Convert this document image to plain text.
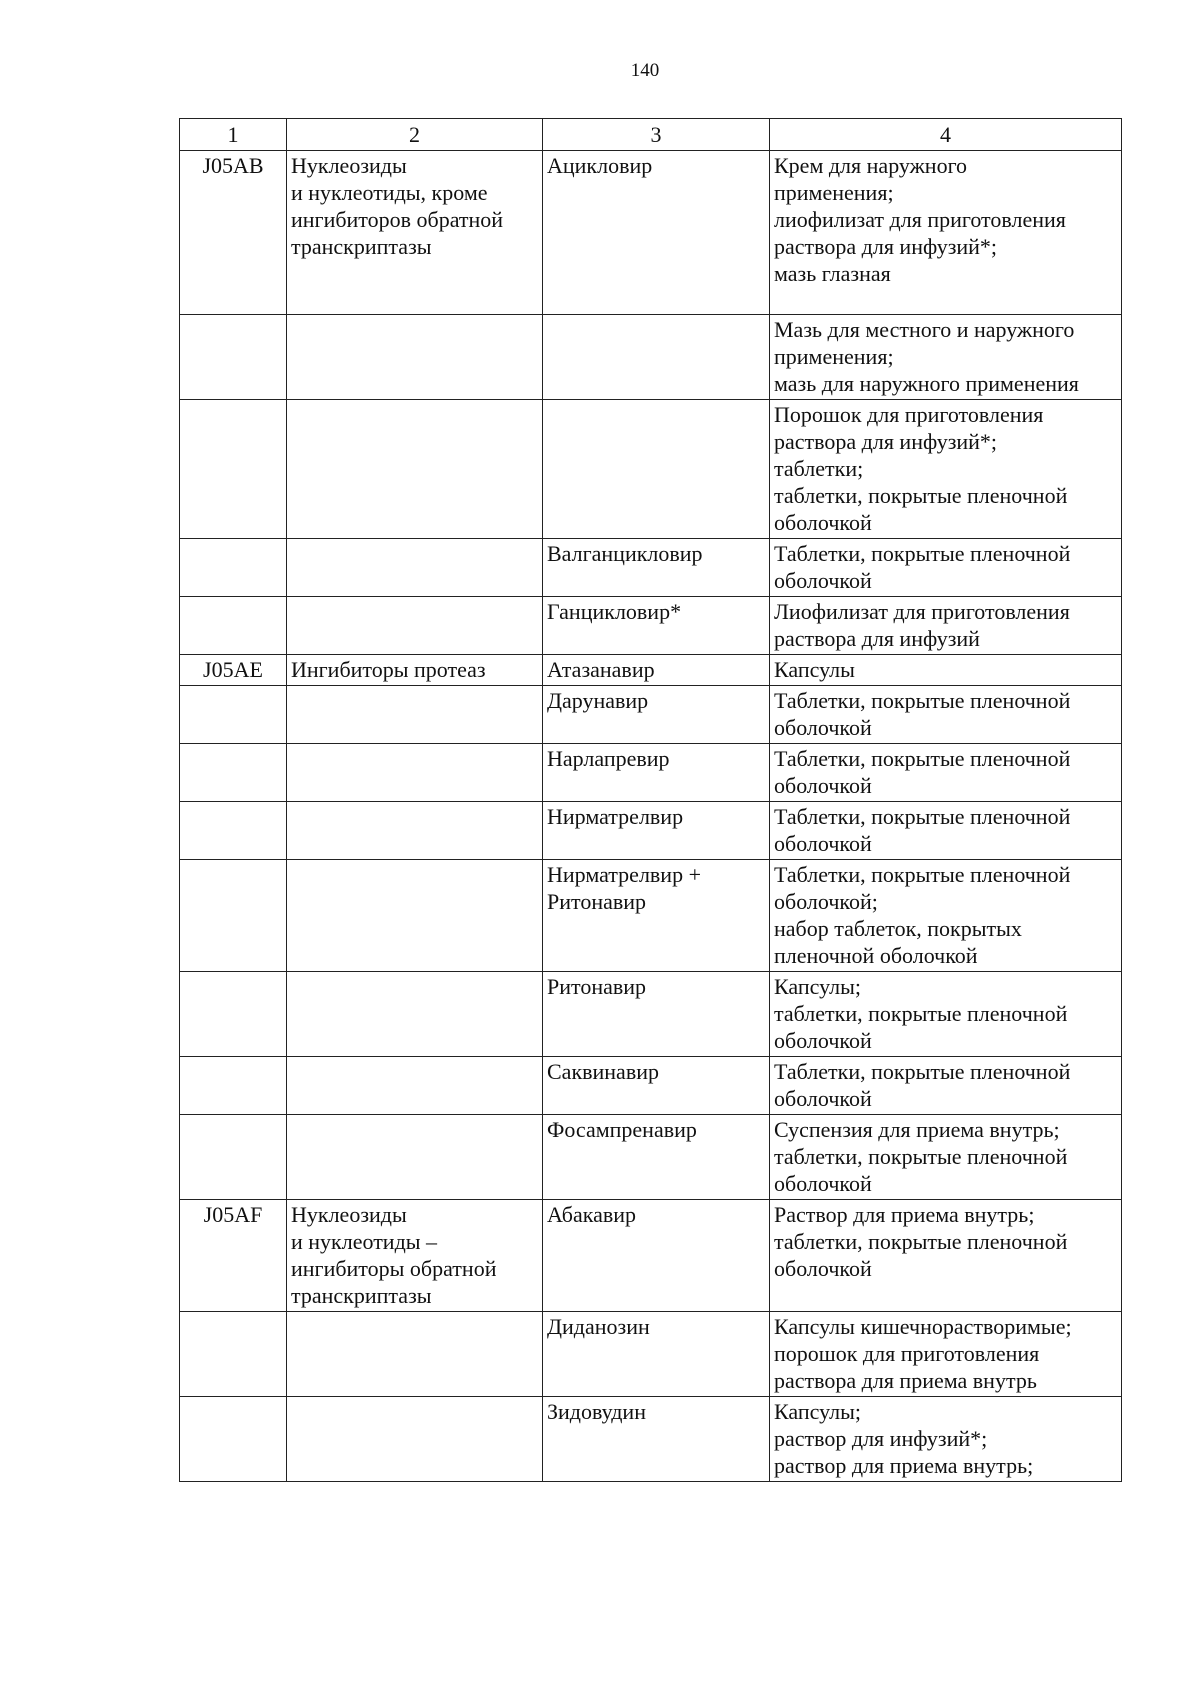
140
1	2	3	4
J05AB	Нуклеозиды
и нуклеотиды, кроме
ингибиторов обратной
транскриптазы	Ацикловир	Крем для наружного
применения;
лиофилизат для приготовления
раствора для инфузий*;
мазь глазная
			Мазь для местного и наружного
применения;
мазь для наружного применения
			Порошок для приготовления
раствора для инфузий*;
таблетки;
таблетки, покрытые пленочной
оболочкой
		Валганцикловир	Таблетки, покрытые пленочной
оболочкой
		Ганцикловир*	Лиофилизат для приготовления
раствора для инфузий
J05AE	Ингибиторы протеаз	Атазанавир	Капсулы
		Дарунавир	Таблетки, покрытые пленочной
оболочкой
		Нарлапревир	Таблетки, покрытые пленочной
оболочкой
		Нирматрелвир	Таблетки, покрытые пленочной
оболочкой
		Нирматрелвир +
Ритонавир	Таблетки, покрытые пленочной
оболочкой;
набор таблеток, покрытых
пленочной оболочкой
		Ритонавир	Капсулы;
таблетки, покрытые пленочной
оболочкой
		Саквинавир	Таблетки, покрытые пленочной
оболочкой
		Фосампренавир	Суспензия для приема внутрь;
таблетки, покрытые пленочной
оболочкой
J05AF	Нуклеозиды
и нуклеотиды –
ингибиторы обратной
транскриптазы	Абакавир	Раствор для приема внутрь;
таблетки, покрытые пленочной
оболочкой
		Диданозин	Капсулы кишечнорастворимые;
порошок для приготовления
раствора для приема внутрь
		Зидовудин	Капсулы;
раствор для инфузий*;
раствор для приема внутрь;
